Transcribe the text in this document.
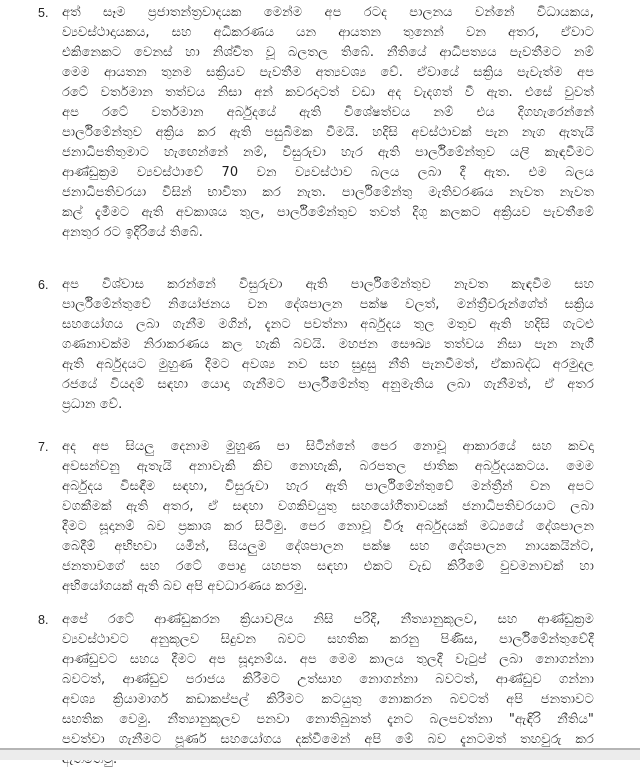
5.	අත් සෑම ප්‍රජාතන්ත්‍රවාදයක මෙන්ම අප රටද පාලනය වන්නේ විධායකය,
ව්‍යවස්ථාදායකය, සහ අධිකරණය යන ආයතන තුනෙන් වන අතර, ඒවාට
එකිනෙකට වෙනස් හා නිශ්චිත වූ බලතල තිබේ. නීතියේ ආධිපත්‍යය පැවතීමට නම්
මෙම ආයතන තුනම සක්‍රියව පැවතීම අත්‍යවශ්‍ය වේ. ඒවායේ සක්‍රිය පැවැත්ම අප
රටේ වර්තමාන තත්වය නිසා අන් කවරදාටත් වඩා අද වැදගත් වී ඇත. එසේ වුවත්
අප රටේ වර්තමාන අර්බුදයේ ඇති විශේෂත්වය නම් එය දිගහැරෙන්නේ
පාර්ලිමේන්තුව අක්‍රිය කර ඇති පසුබිමක වීමයි. හදිසි අවස්ථාවක් පැන නැග ඇතැයි
ජනාධිපතිතුමාට හැඟෙන්නේ නම්, විසුරුවා හැර ඇති පාර්ලිමේන්තුව යලි කැඳවීමට
ආණ්ඩුක්‍රම ව්‍යවස්ථාවේ 70 වන ව්‍යවස්ථාව බලය ලබා දී ඇත. එම බලය
ජනාධිපතිවරයා විසින් භාවිතා කර නැත. පාර්ලිමේන්තු මැතිවරණය නැවත නැවත
කල් දැමීමට ඇති අවකාශය තුල, පාර්ලිමේන්තුව තවත් දිගු කලකට අක්‍රියව පැවතීමේ
අනතුර රට ඉදිරියේ තිබේ.
6.	අප විශ්වාස කරන්නේ විසුරුවා ඇති පාර්ලිමේන්තුව නැවත කැඳවීම සහ
පාර්ලිමේන්තුවේ නියෝජනය වන දේශපාලන පක්ෂ වලත්, මන්ත්‍රීවරුන්ගේත් සක්‍රිය
සහයෝගය ලබා ගැනීම මගින්, දැනට පවත්නා අර්බුදය තුල මතුව ඇති හදිසි ගැටළු
ගණනාවක්ම නිරාකරණය කල හැකි බවයි. මහජන සෞඛ්‍ය තත්වය නිසා පැන නැගී
ඇති අර්බුදයට මුහුණ දීමට අවශ්‍ය නව සහ සුදුසු නීති පැනවීමත්, ඒකාබද්ධ අරමුදල
රජයේ වියදම් සඳහා යොදා ගැනීමට පාර්ලිමේන්තු අනුමැතිය ලබා ගැනීමත්, ඒ අතර
ප්‍රධාන වේ.
7.	අද අප සියලු දෙනාම මුහුණ පා සිටින්නේ පෙර නොවූ ආකාරයේ සහ කවදා
අවසන්වනු ඇතැයි අනාවැකි කිව නොහැකි, බරපතල ජාතික අර්බුදයකටය. මෙම
අර්බුදය විසඳීම සඳහා, විසුරුවා හැර ඇති පාර්ලිමේන්තුවේ මන්ත්‍රීන් වන අපට
වගකීමක් ඇති අතර, ඒ සඳහා වගකිවයුතු සහයෝගීතාවයක් ජනාධිපතිවරයාට ලබා
දීමට සූදානම් බව ප්‍රකාශ කර සිටිමු. පෙර නොවූ විරූ අර්බුදයක් මධ්‍යයේ දේශපාලන
බෙදීම් අභිභවා යමින්, සියලුම දේශපාලන පක්ෂ සහ දේශපාලන නායකයින්ට,
ජනතාවගේ සහ රටේ පොදු යහපත සඳහා එකට වැඩ කිරීමේ වුවමනාවක් හා
අභියෝගයක් ඇති බව අපි අවධාරණය කරමු.
8.	අපේ රටේ ආණ්ඩුකරන ක්‍රියාවලිය නිසි පරිදි, නීත්‍යානුකූලව, සහ ආණ්ඩුක්‍රම
ව්‍යවස්ථාවට අනුකූලව සිදුවන බවට සහතික කරනු පිණිස, පාර්ලිමේන්තුවේදී
ආණ්ඩුවට සහය දීමට අප සූදානම්ය. අප මෙම කාලය තුලදී වැටුප් ලබා නොගන්නා
බවටත්, ආණ්ඩුව පරාජය කිරීමට උත්සාහ නොගන්නා බවටත්, ආණ්ඩුව ගන්නා
අවශ්‍ය ක්‍රියාමාර්ග කඩාකප්පල් කිරීමට කටයුතු නොකරන බවටත් අපි ජනතාවට
සහතික වෙමු. නීත්‍යානුකූලව පනවා නොතිබුනත් දැනට බලපවත්නා "ඇඳිරි නීතිය"
පවත්වා ගැනීමට පූර්ණ සහයෝගය දක්වීමෙන් අපි මේ බව දැනටමත් තහවුරු කර
